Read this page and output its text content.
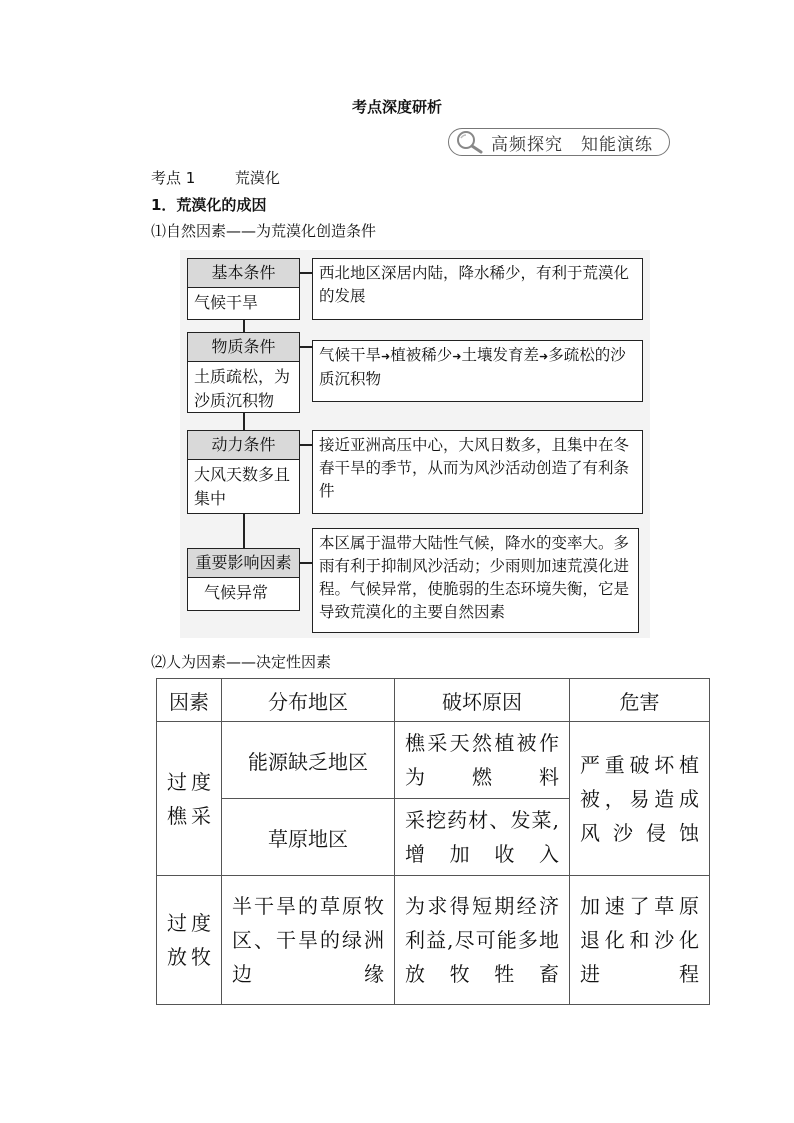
考点深度研析
高频探究　知能演练
考点 1	荒漠化
1．荒漠化的成因
⑴自然因素——为荒漠化创造条件
基本条件
气候干旱
西北地区深居内陆，降水稀少，有利于荒漠化的发展
物质条件
土质疏松，为沙质沉积物
气候干旱➜植被稀少➜土壤发育差➜多疏松的沙质沉积物
动力条件
大风天数多且集中
接近亚洲高压中心，大风日数多，且集中在冬春干旱的季节，从而为风沙活动创造了有利条件
重要影响因素
气候异常
本区属于温带大陆性气候，降水的变率大。多雨有利于抑制风沙活动；少雨则加速荒漠化进程。气候异常，使脆弱的生态环境失衡，它是导致荒漠化的主要自然因素
⑵人为因素——决定性因素
因素	分布地区	破坏原因	危害
过度樵采	能源缺乏地区	樵采天然植被作为燃料	严重破坏植被，易造成风沙侵蚀
	草原地区	采挖药材、发菜,增加收入	
过度放牧	半干旱的草原牧区、干旱的绿洲边缘	为求得短期经济利益,尽可能多地放牧牲畜	加速了草原退化和沙化进程
